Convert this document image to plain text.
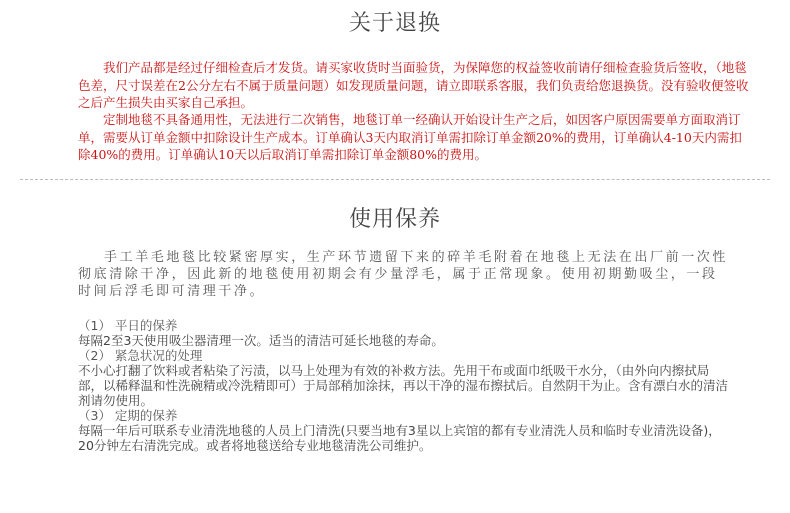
关于退换

我们产品都是经过仔细检查后才发货。请买家收货时当面验货，为保障您的权益签收前请仔细检查验货后签收，（地毯色差，尺寸误差在2公分左右不属于质量问题）如发现质量问题，请立即联系客服，我们负责给您退换货。没有验收便签收之后产生损失由买家自己承担。

定制地毯不具备通用性，无法进行二次销售，地毯订单一经确认开始设计生产之后，如因客户原因需要单方面取消订单，需要从订单金额中扣除设计生产成本。订单确认3天内取消订单需扣除订单金额20%的费用，订单确认4-10天内需扣除40%的费用。订单确认10天以后取消订单需扣除订单金额80%的费用。

使用保养

手工羊毛地毯比较紧密厚实，生产环节遗留下来的碎羊毛附着在地毯上无法在出厂前一次性彻底清除干净，因此新的地毯使用初期会有少量浮毛，属于正常现象。使用初期勤吸尘，一段时间后浮毛即可清理干净。

（1） 平日的保养
每隔2至3天使用吸尘器清理一次。适当的清洁可延长地毯的寿命。
（2） 紧急状况的处理
不小心打翻了饮料或者粘染了污渍，以马上处理为有效的补救方法。先用干布或面巾纸吸干水分，（由外向内擦拭局部，以稀释温和性洗碗精或冷洗精即可）于局部稍加涂抹，再以干净的湿布擦拭后。自然阴干为止。含有漂白水的清洁剂请勿使用。
（3） 定期的保养
每隔一年后可联系专业清洗地毯的人员上门清洗(只要当地有3星以上宾馆的都有专业清洗人员和临时专业清洗设备)，20分钟左右清洗完成。或者将地毯送给专业地毯清洗公司维护。
